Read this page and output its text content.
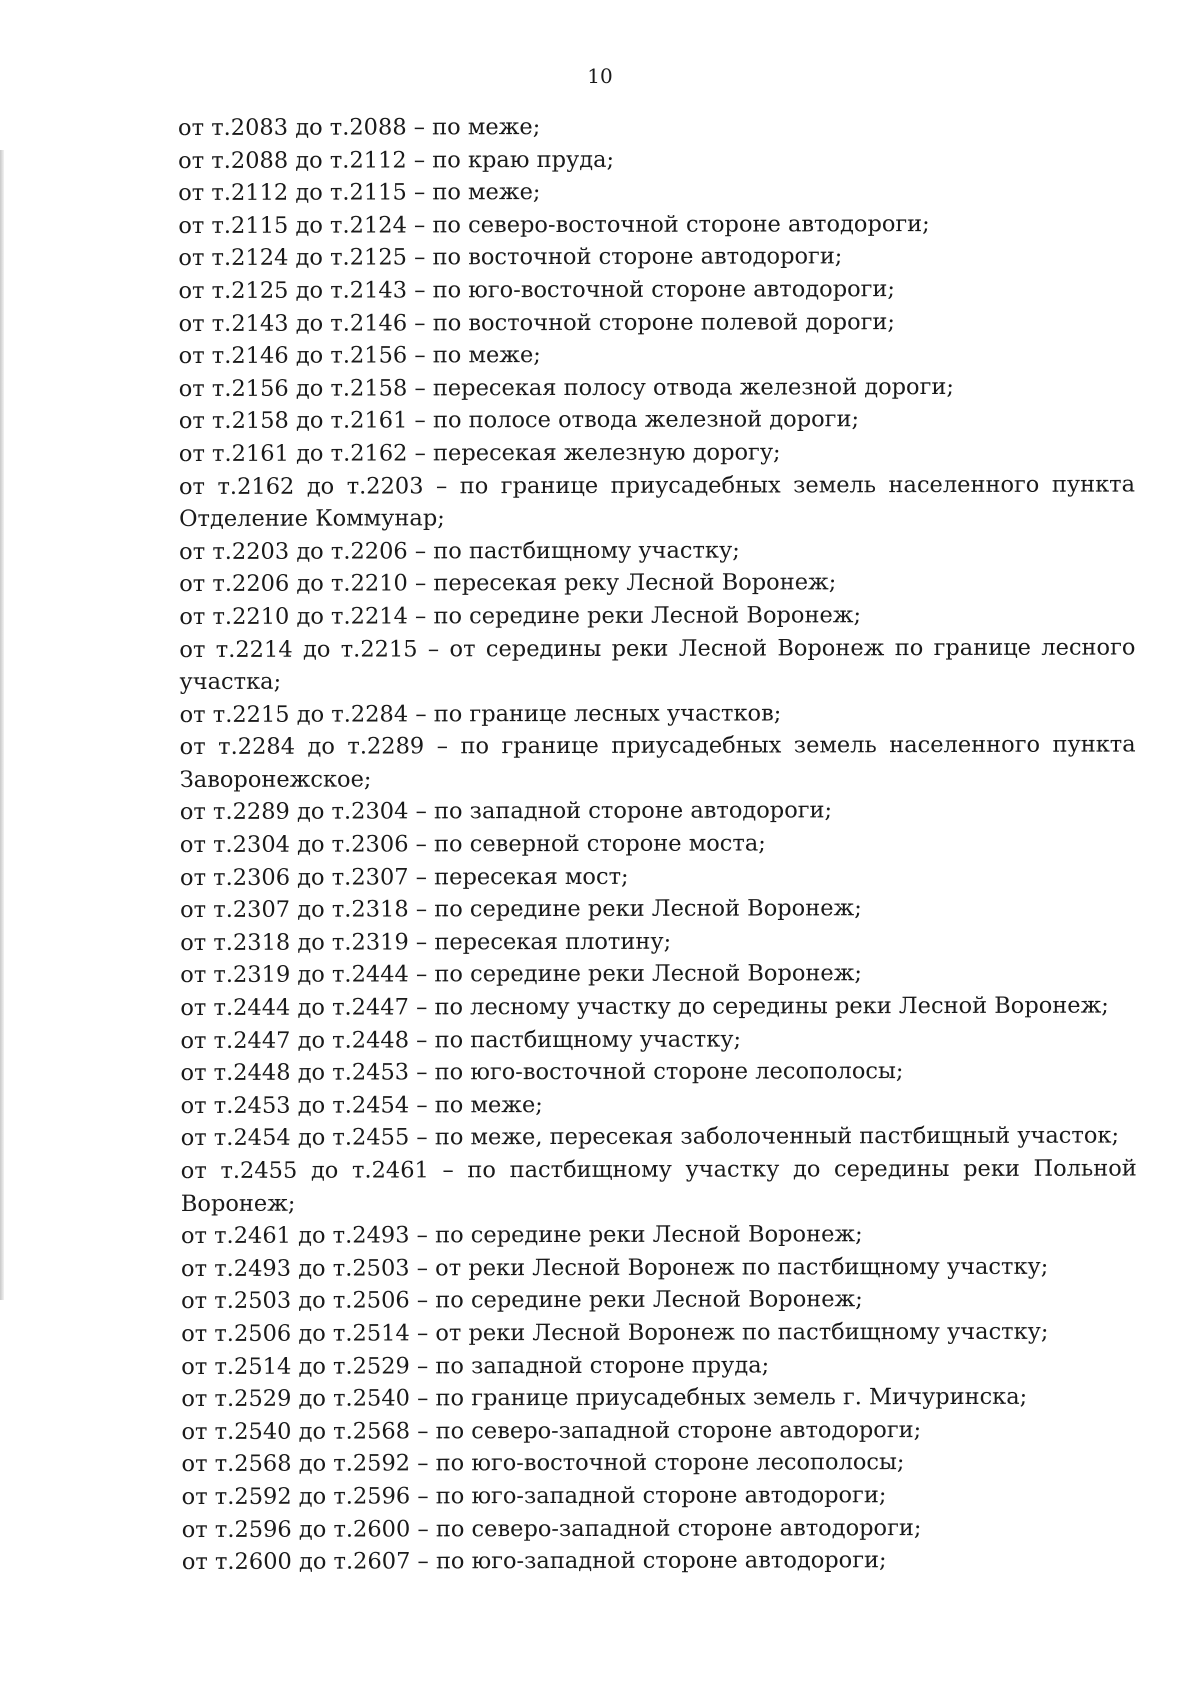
10
от т.2083 до т.2088 – по меже;
от т.2088 до т.2112 – по краю пруда;
от т.2112 до т.2115 – по меже;
от т.2115 до т.2124 – по северо-восточной стороне автодороги;
от т.2124 до т.2125 – по восточной стороне автодороги;
от т.2125 до т.2143 – по юго-восточной стороне автодороги;
от т.2143 до т.2146 – по восточной стороне полевой дороги;
от т.2146 до т.2156 – по меже;
от т.2156 до т.2158 – пересекая полосу отвода железной дороги;
от т.2158 до т.2161 – по полосе отвода железной дороги;
от т.2161 до т.2162 – пересекая железную дорогу;
от т.2162 до т.2203 – по границе приусадебных земель населенного пункта Отделение Коммунар;
от т.2203 до т.2206 – по пастбищному участку;
от т.2206 до т.2210 – пересекая реку Лесной Воронеж;
от т.2210 до т.2214 – по середине реки Лесной Воронеж;
от т.2214 до т.2215 – от середины реки Лесной Воронеж по границе лесного участка;
от т.2215 до т.2284 – по границе лесных участков;
от т.2284 до т.2289 – по границе приусадебных земель населенного пункта Заворонежское;
от т.2289 до т.2304 – по западной стороне автодороги;
от т.2304 до т.2306 – по северной стороне моста;
от т.2306 до т.2307 – пересекая мост;
от т.2307 до т.2318 – по середине реки Лесной Воронеж;
от т.2318 до т.2319 – пересекая плотину;
от т.2319 до т.2444 – по середине реки Лесной Воронеж;
от т.2444 до т.2447 – по лесному участку до середины реки Лесной Воронеж;
от т.2447 до т.2448 – по пастбищному участку;
от т.2448 до т.2453 – по юго-восточной стороне лесополосы;
от т.2453 до т.2454 – по меже;
от т.2454 до т.2455 – по меже, пересекая заболоченный пастбищный участок;
от т.2455 до т.2461 – по пастбищному участку до середины реки Польной Воронеж;
от т.2461 до т.2493 – по середине реки Лесной Воронеж;
от т.2493 до т.2503 – от реки Лесной Воронеж по пастбищному участку;
от т.2503 до т.2506 – по середине реки Лесной Воронеж;
от т.2506 до т.2514 – от реки Лесной Воронеж по пастбищному участку;
от т.2514 до т.2529 – по западной стороне пруда;
от т.2529 до т.2540 – по границе приусадебных земель г. Мичуринска;
от т.2540 до т.2568 – по северо-западной стороне автодороги;
от т.2568 до т.2592 – по юго-восточной стороне лесополосы;
от т.2592 до т.2596 – по юго-западной стороне автодороги;
от т.2596 до т.2600 – по северо-западной стороне автодороги;
от т.2600 до т.2607 – по юго-западной стороне автодороги;
